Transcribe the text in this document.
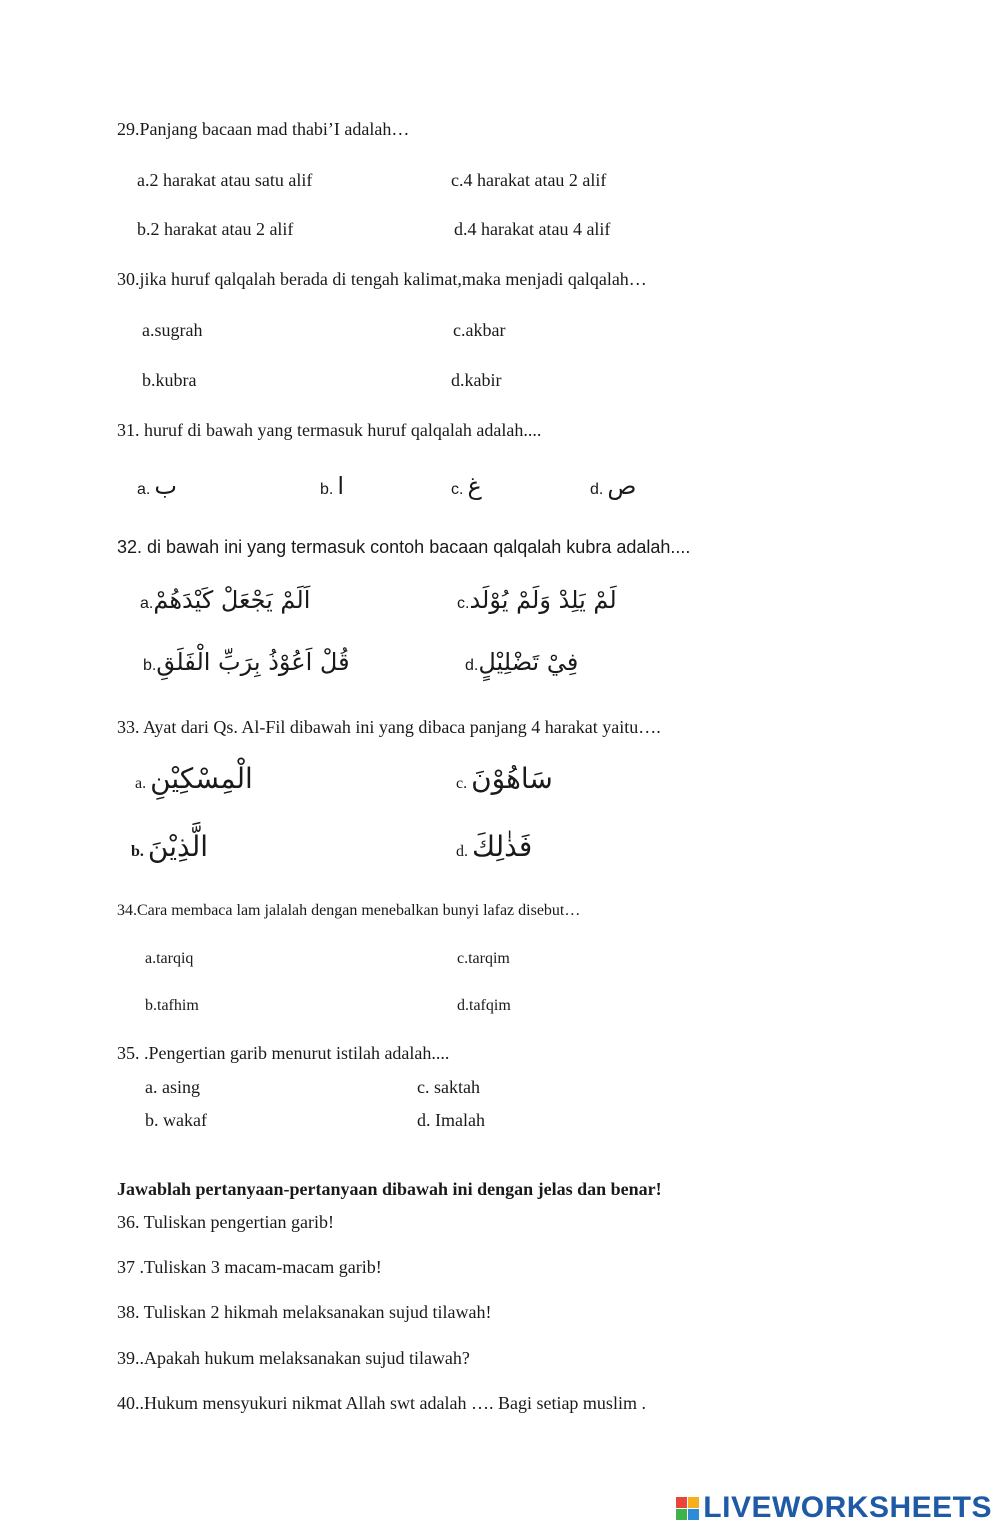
29.Panjang bacaan mad thabi’I adalah…
a.2 harakat atau satu alif	c.4 harakat atau 2 alif
b.2 harakat atau 2 alif	d.4 harakat atau 4 alif
30.jika huruf qalqalah berada di tengah kalimat,maka menjadi qalqalah…
a.sugrah	c.akbar
b.kubra	d.kabir
31. huruf di bawah yang termasuk huruf qalqalah adalah....
a. ب	b. ا	c. غ	d. ص
32. di bawah ini yang termasuk contoh bacaan qalqalah kubra adalah....
a.اَلَمْ يَجْعَلْ كَيْدَهُمْ	c.لَمْ يَلِدْ وَلَمْ يُوْلَد
b.قُلْ اَعُوْذُ بِرَبِّ الْفَلَقِ	d.فِيْ تَضْلِيْلٍ
33. Ayat dari Qs. Al-Fil dibawah ini yang dibaca panjang 4 harakat yaitu….
a. الْمِسْكِيْنِ	c. سَاهُوْنَ
b. الَّذِيْنَ	d. فَذٰلِكَ
34.Cara membaca lam jalalah dengan menebalkan bunyi lafaz disebut…
a.tarqiq	c.tarqim
b.tafhim	d.tafqim
35. .Pengertian garib menurut istilah adalah....
a. asing	c. saktah
b. wakaf	d. Imalah
Jawablah pertanyaan-pertanyaan dibawah ini dengan jelas dan benar!
36. Tuliskan pengertian garib!
37 .Tuliskan 3 macam-macam garib!
38. Tuliskan 2 hikmah melaksanakan sujud tilawah!
39..Apakah hukum melaksanakan sujud tilawah?
40..Hukum mensyukuri nikmat Allah swt adalah …. Bagi setiap muslim .
LIVEWORKSHEETS
